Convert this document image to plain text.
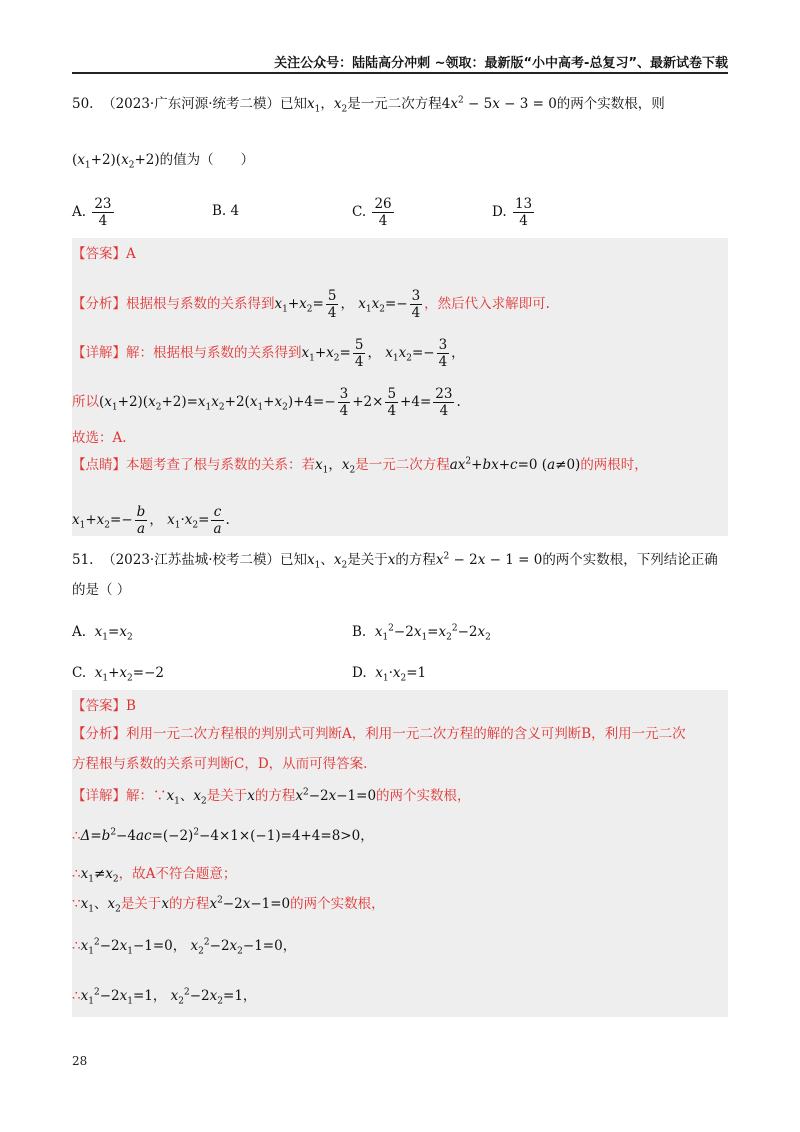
关注公众号：陆陆高分冲刺 ~领取：最新版“小中高考-总复习”、最新试卷下载
50. （2023·广东河源·统考二模）已知$x_1$，$x_2$是一元二次方程$4x^2 - 5x - 3 = 0$的两个实数根，则
$(x_1+2)(x_2+2)$的值为（　　）
A. $\frac{23}{4}$	B. 4	C. $\frac{26}{4}$	D. $\frac{13}{4}$
【答案】A
【分析】根据根与系数的关系得到$x_1+x_2= \frac{5}{4}$ ， $x_1x_2=- \frac{3}{4}$ ，然后代入求解即可.
【详解】解：根据根与系数的关系得到$x_1+x_2= \frac{5}{4}$ ， $x_1x_2=- \frac{3}{4}$ ，
所以$(x_1+2)(x_2+2)=x_1x_2+2(x_1+x_2)+4=- \frac{3}{4} +2\times \frac{5}{4} +4= \frac{23}{4}$ .
故选：A.
【点睛】本题考查了根与系数的关系：若$x_1$，$x_2$是一元二次方程$ax^2+bx+c=0$ (a≠0)的两根时，
$x_1+x_2=- \frac{b}{a}$ ， $x_1\cdot x_2= \frac{c}{a}$ .
51. （2023·江苏盐城·校考二模）已知$x_1$、$x_2$是关于x的方程$x^2 - 2x - 1 = 0$的两个实数根，下列结论正确
的是（ ）
A. $x_1=x_2$	B. $x_1^2-2x_1=x_2^2-2x_2$
C. $x_1+x_2=-2$	D. $x_1\cdot x_2=1$
【答案】B
【分析】利用一元二次方程根的判别式可判断A，利用一元二次方程的解的含义可判断B，利用一元二次
方程根与系数的关系可判断C，D，从而可得答案.
【详解】解：$\because x_1$、$x_2$是关于x的方程$x^2-2x-1=0$的两个实数根，
$\therefore\Delta=b^2-4ac=(-2)^2-4\times 1\times(-1)=4+4=8>0$，
$\therefore x_1\ne x_2$，故A不符合题意；
$\because x_1$、$x_2$是关于x的方程$x^2-2x-1=0$的两个实数根，
$\therefore x_1^2-2x_1-1=0$， $x_2^2-2x_2-1=0$，
$\therefore x_1^2-2x_1=1$， $x_2^2-2x_2=1$，
28
